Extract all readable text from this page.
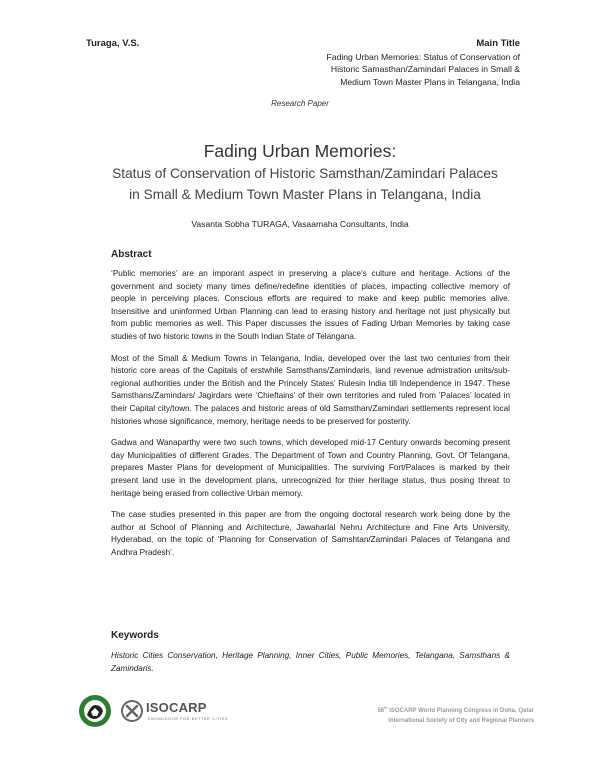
Turaga, V.S.	Main Title
Fading Urban Memories: Status of Conservation of
Historic Samasthan/Zamindari Palaces in Small &
Medium Town Master Plans in Telangana, India
Research Paper
Fading Urban Memories:
Status of Conservation of Historic Samsthan/Zamindari Palaces in Small & Medium Town Master Plans in Telangana, India
Vasanta Sobha TURAGA, Vasaamaha Consultants, India
Abstract

‘Public memories’ are an imporant aspect in preserving a place’s culture and heritage. Actions of the government and society many times define/redefine identities of places, impacting collective memory of people in perceiving places. Conscious efforts are required to make and keep public memories alive. Insensitive and uninformed Urban Planning can lead to erasing history and heritage not just physically but from public memories as well. This Paper discusses the issues of Fading Urban Memories by taking case studies of two historic towns in the South Indian State of Telangana.

Most of the Small & Medium Towns in Telangana, India, developed over the last two centuries from their historic core areas of the Capitals of erstwhile Samsthans/Zamindaris, land revenue admistration units/sub-regional authorities under the British and the Princely States’ Rulesin India till Independence in 1947. These Samsthans/Zamindars/ Jagirdars were ‘Chieftains’ of their own territories and ruled from ‘Palaces’ located in their Capital city/town. The palaces and historic areas of old Samsthan/Zamindari settlements represent local histories whose significance, memory, heritage needs to be preserved for posterity.

Gadwa and Wanaparthy were two such towns, which developed mid-17 Century onwards becoming present day Municipalities of different Grades. The Department of Town and Country Planning, Govt. Of Telangana, prepares Master Plans for development of Municipalities. The surviving Fort/Palaces is marked by their present land use in the development plans, unrecognized for thier heritage status, thus posing threat to heritage being erased from collective Urban memory.

The case studies presented in this paper are from the ongoing doctoral research work being done by the author at School of Planning and Architecture, Jawaharlal Nehru Architecture and Fine Arts University, Hyderabad, on the topic of ‘Planning for Conservation of Samshtan/Zamindari Palaces of Telangana and Andhra Pradesh’.

Keywords
Historic Cities Conservation, Heritage Planning, Inner Cities, Public Memories, Telangana, Samsthans & Zamindaris.
ISOCARP
KNOWLEDGE FOR BETTER CITIES
56th ISOCARP World Planning Congress in Doha, Qatar
International Society of City and Regional Planners
